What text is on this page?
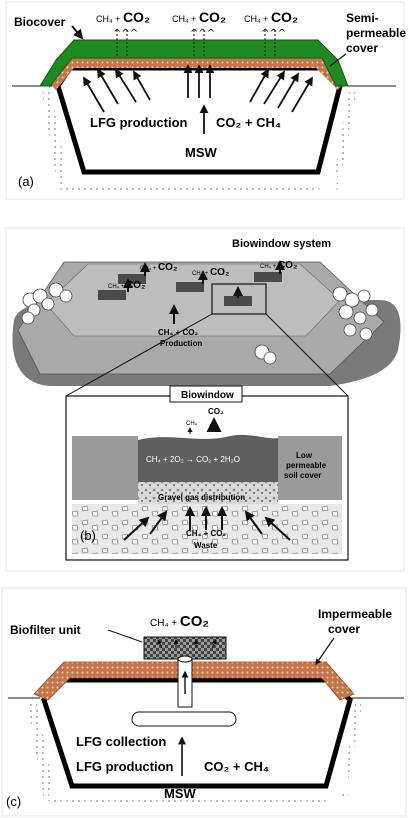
^^^	^^^	^^^
CH₄ + CO₂ CH₄ + CO₂ CH₄ + CO₂
Biocover	Semi-
permeable
cover
LFG production CO₂ + CH₄
MSW
(a)
CH₄ + CO₂
CH₄ + CO₂	CH₄ + CO₂
CH₄ + CO₂
Biowindow system
CH₄ + CO₂
Production
Biowindow
CO₂
CH₄
CH₄ + 2O₂ → CO₂ + 2H₂O	Low
permeable
soil cover
Gravel gas distribution
CH₄ + CO₂
Waste
(b)
CH₄ + CO₂
Biofilter unit
Impermeable
cover
LFG collection
LFG production CO₂ + CH₄
MSW
(c)
